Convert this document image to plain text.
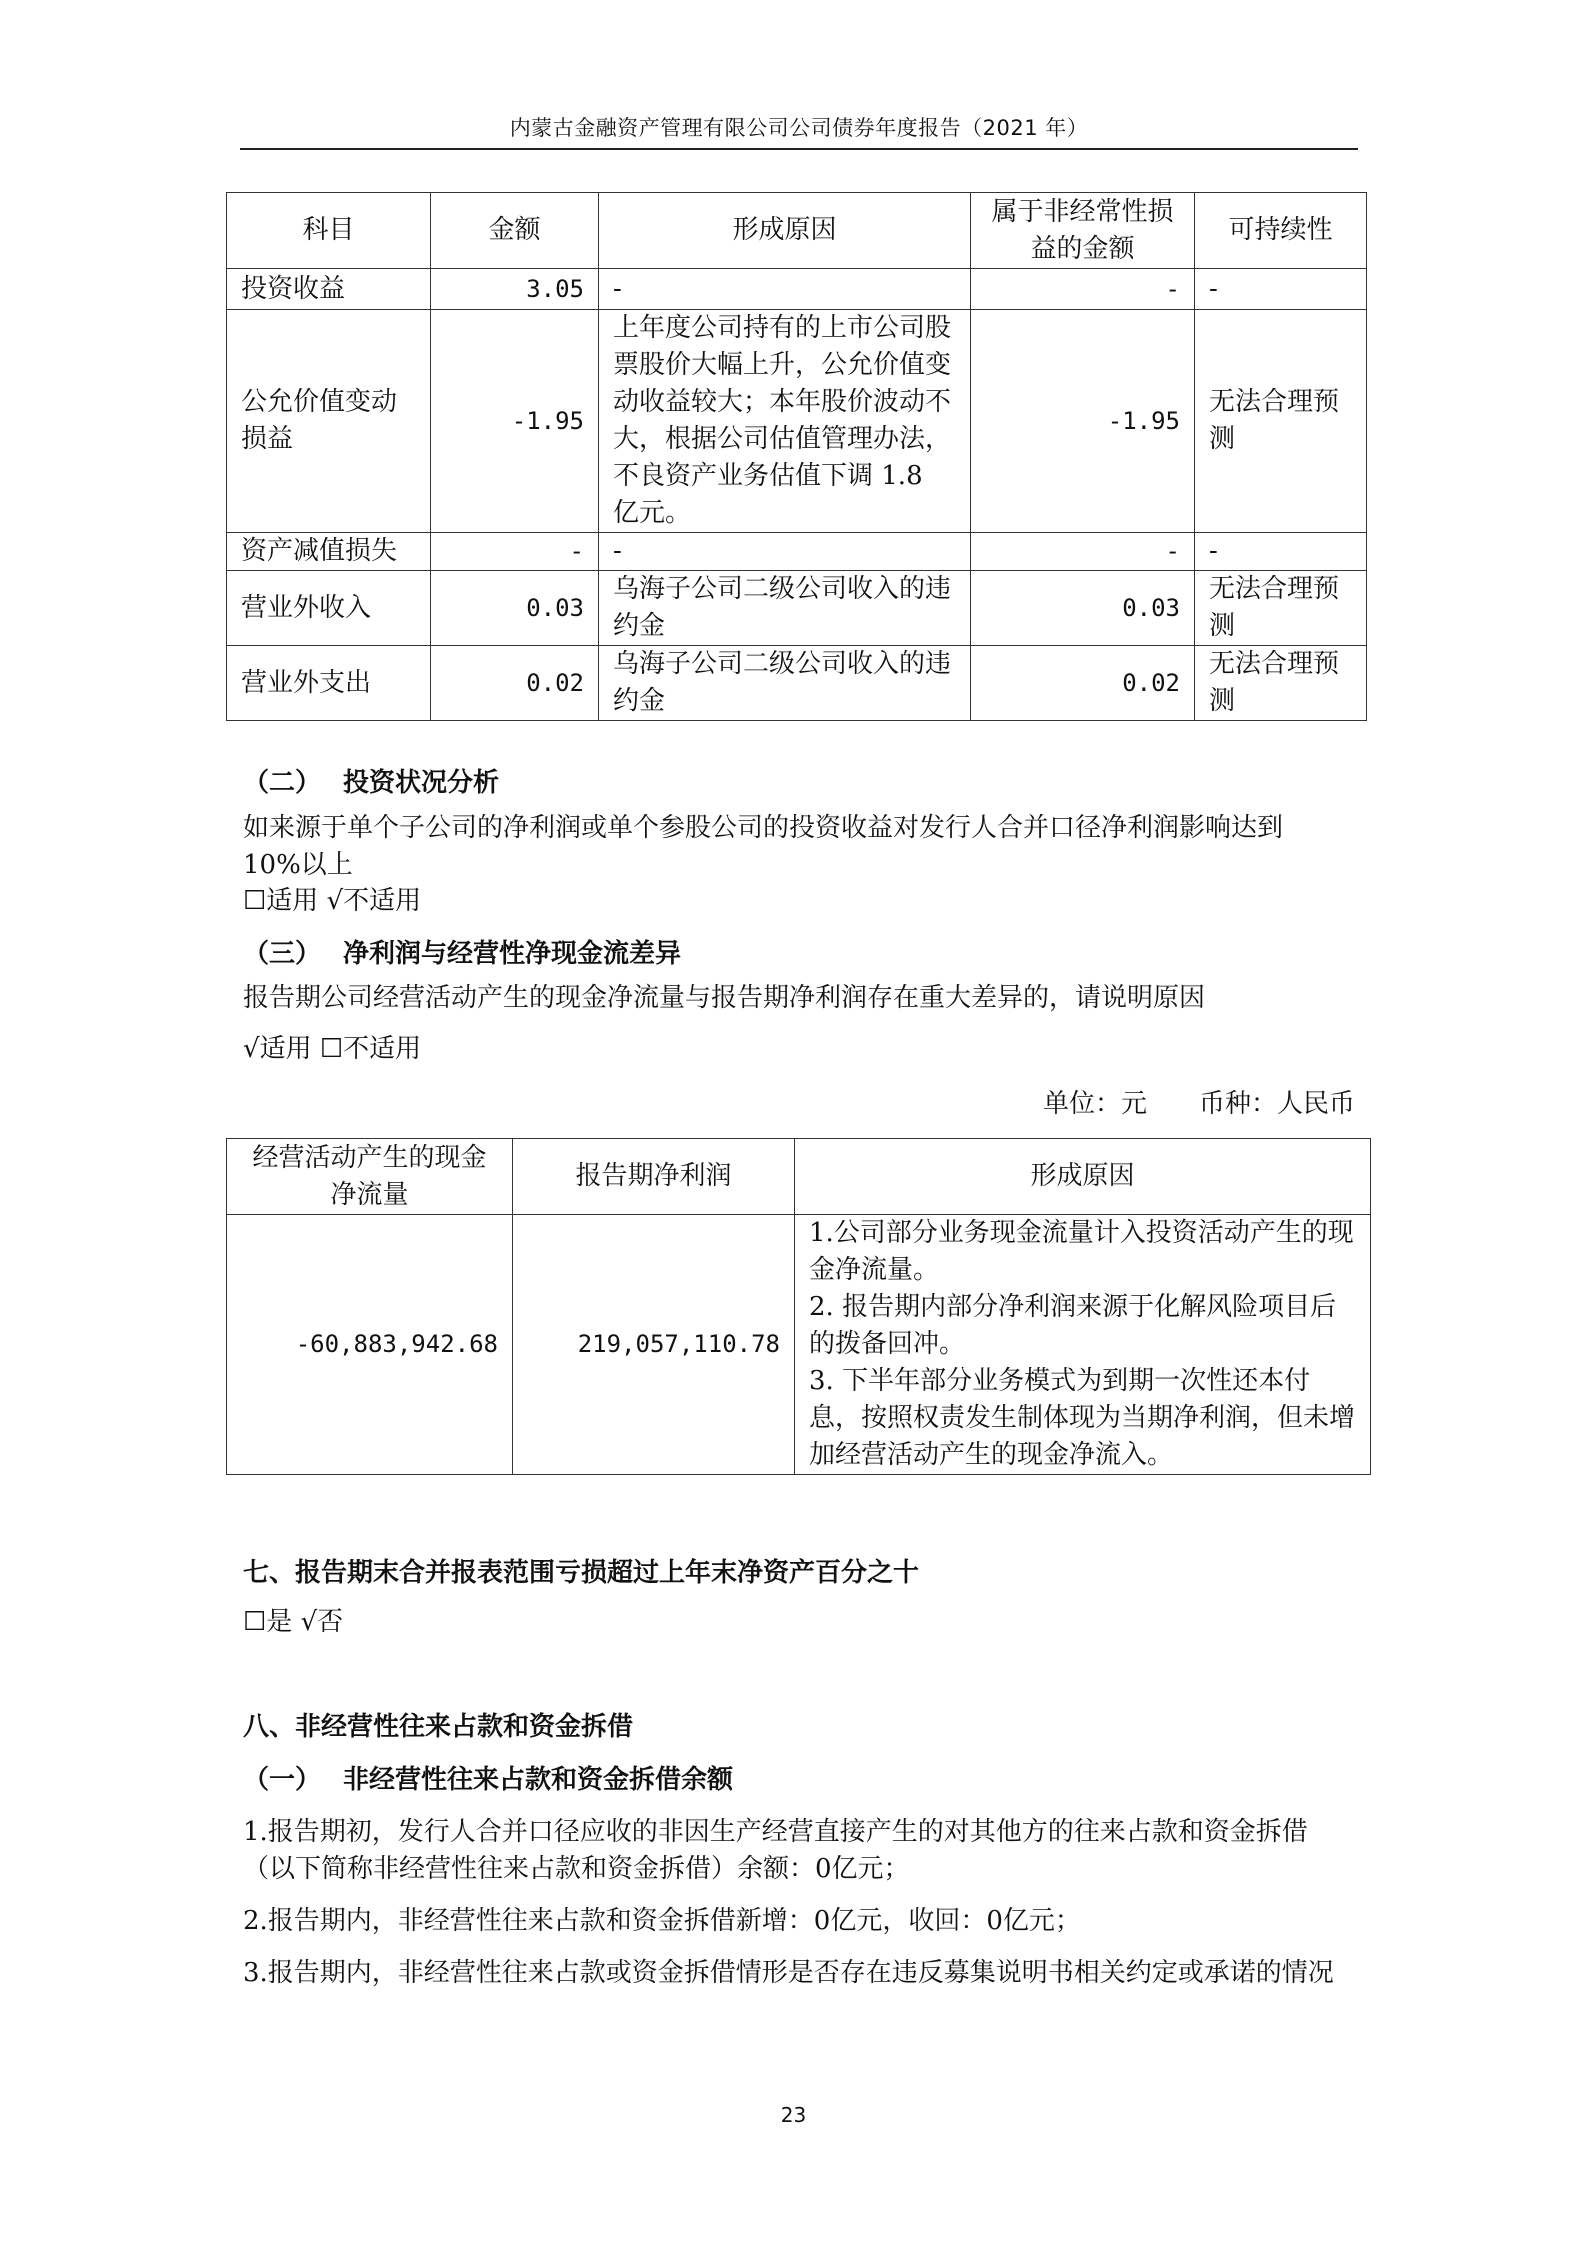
内蒙古金融资产管理有限公司公司债券年度报告（2021 年）
科目	金额	形成原因	属于非经常性损益的金额	可持续性
投资收益	3.05	-	-	-
公允价值变动损益	-1.95	上年度公司持有的上市公司股票股价大幅上升，公允价值变动收益较大；本年股价波动不大，根据公司估值管理办法，不良资产业务估值下调 1.8 亿元。	-1.95	无法合理预测
资产减值损失	-	-	-	-
营业外收入	0.03	乌海子公司二级公司收入的违约金	0.03	无法合理预测
营业外支出	0.02	乌海子公司二级公司收入的违约金	0.02	无法合理预测
（二） 投资状况分析
如来源于单个子公司的净利润或单个参股公司的投资收益对发行人合并口径净利润影响达到 10%以上
☐适用 √不适用
（三） 净利润与经营性净现金流差异
报告期公司经营活动产生的现金净流量与报告期净利润存在重大差异的，请说明原因
√适用 ☐不适用
单位：元　　币种：人民币
经营活动产生的现金净流量	报告期净利润	形成原因
-60,883,942.68	219,057,110.78	1.公司部分业务现金流量计入投资活动产生的现金净流量。
2. 报告期内部分净利润来源于化解风险项目后的拨备回冲。
3. 下半年部分业务模式为到期一次性还本付息，按照权责发生制体现为当期净利润，但未增加经营活动产生的现金净流入。
七、报告期末合并报表范围亏损超过上年末净资产百分之十
☐是 √否
八、非经营性往来占款和资金拆借
（一） 非经营性往来占款和资金拆借余额
1.报告期初，发行人合并口径应收的非因生产经营直接产生的对其他方的往来占款和资金拆借（以下简称非经营性往来占款和资金拆借）余额：0亿元；
2.报告期内，非经营性往来占款和资金拆借新增：0亿元，收回：0亿元；
3.报告期内，非经营性往来占款或资金拆借情形是否存在违反募集说明书相关约定或承诺的情况
23
